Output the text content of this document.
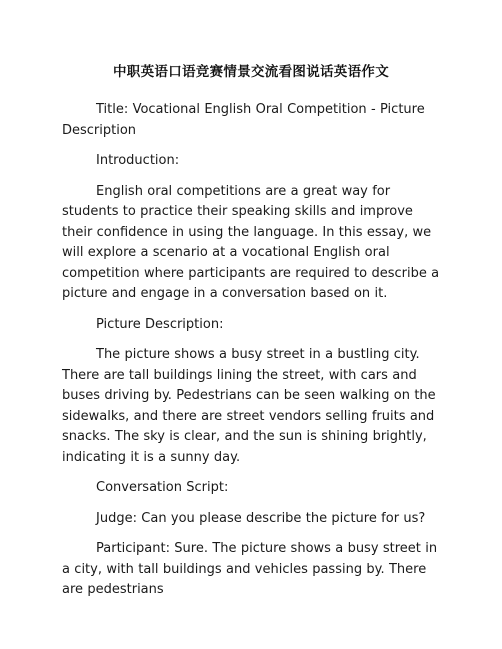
中职英语口语竞赛情景交流看图说话英语作文

Title: Vocational English Oral Competition - Picture Description

Introduction:

English oral competitions are a great way for students to practice their speaking skills and improve their confidence in using the language. In this essay, we will explore a scenario at a vocational English oral competition where participants are required to describe a picture and engage in a conversation based on it.

Picture Description:

The picture shows a busy street in a bustling city. There are tall buildings lining the street, with cars and buses driving by. Pedestrians can be seen walking on the sidewalks, and there are street vendors selling fruits and snacks. The sky is clear, and the sun is shining brightly, indicating it is a sunny day.

Conversation Script:

Judge: Can you please describe the picture for us?

Participant: Sure. The picture shows a busy street in a city, with tall buildings and vehicles passing by. There are pedestrians
